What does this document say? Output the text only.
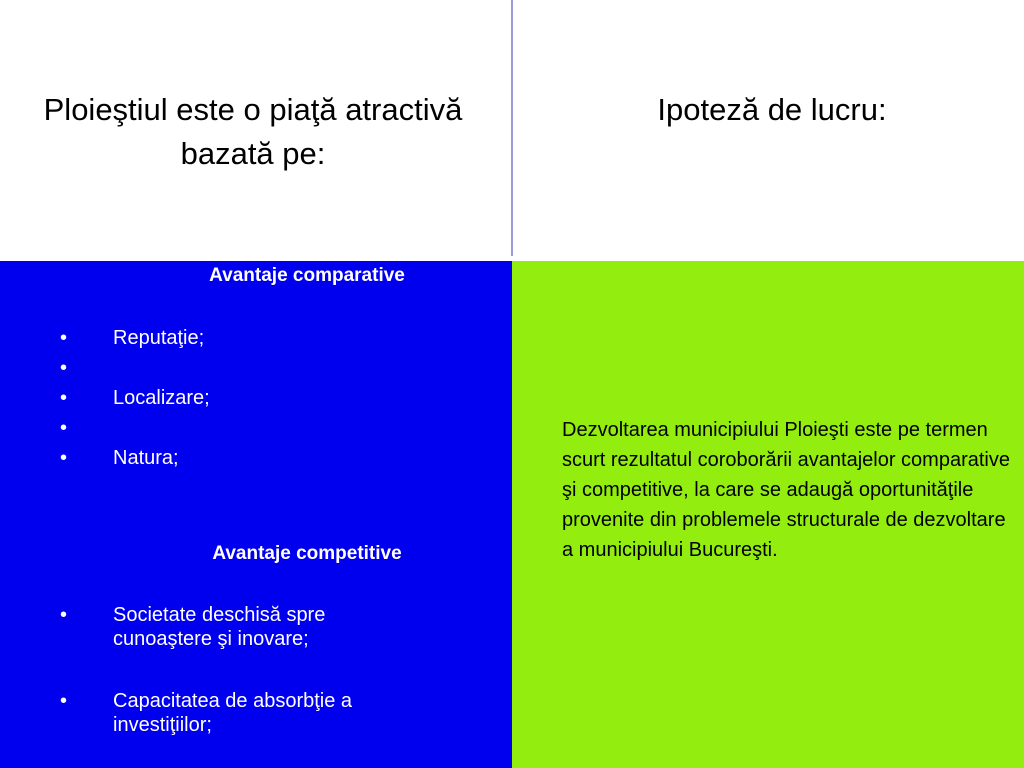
Ploieştiul este o piaţă atractivă bazată pe:
Ipoteză de lucru:
Avantaje comparative
•	Reputaţie;
•
•	Localizare;
•
•	Natura;
Avantaje competitive
•	Societate deschisă spre cunoaştere şi inovare;
•	Capacitatea de absorbţie a investiţiilor;
Dezvoltarea municipiului Ploieşti este pe termen scurt rezultatul coroborării avantajelor comparative şi competitive, la care se adaugă oportunităţile provenite din problemele structurale de dezvoltare a municipiului Bucureşti.
